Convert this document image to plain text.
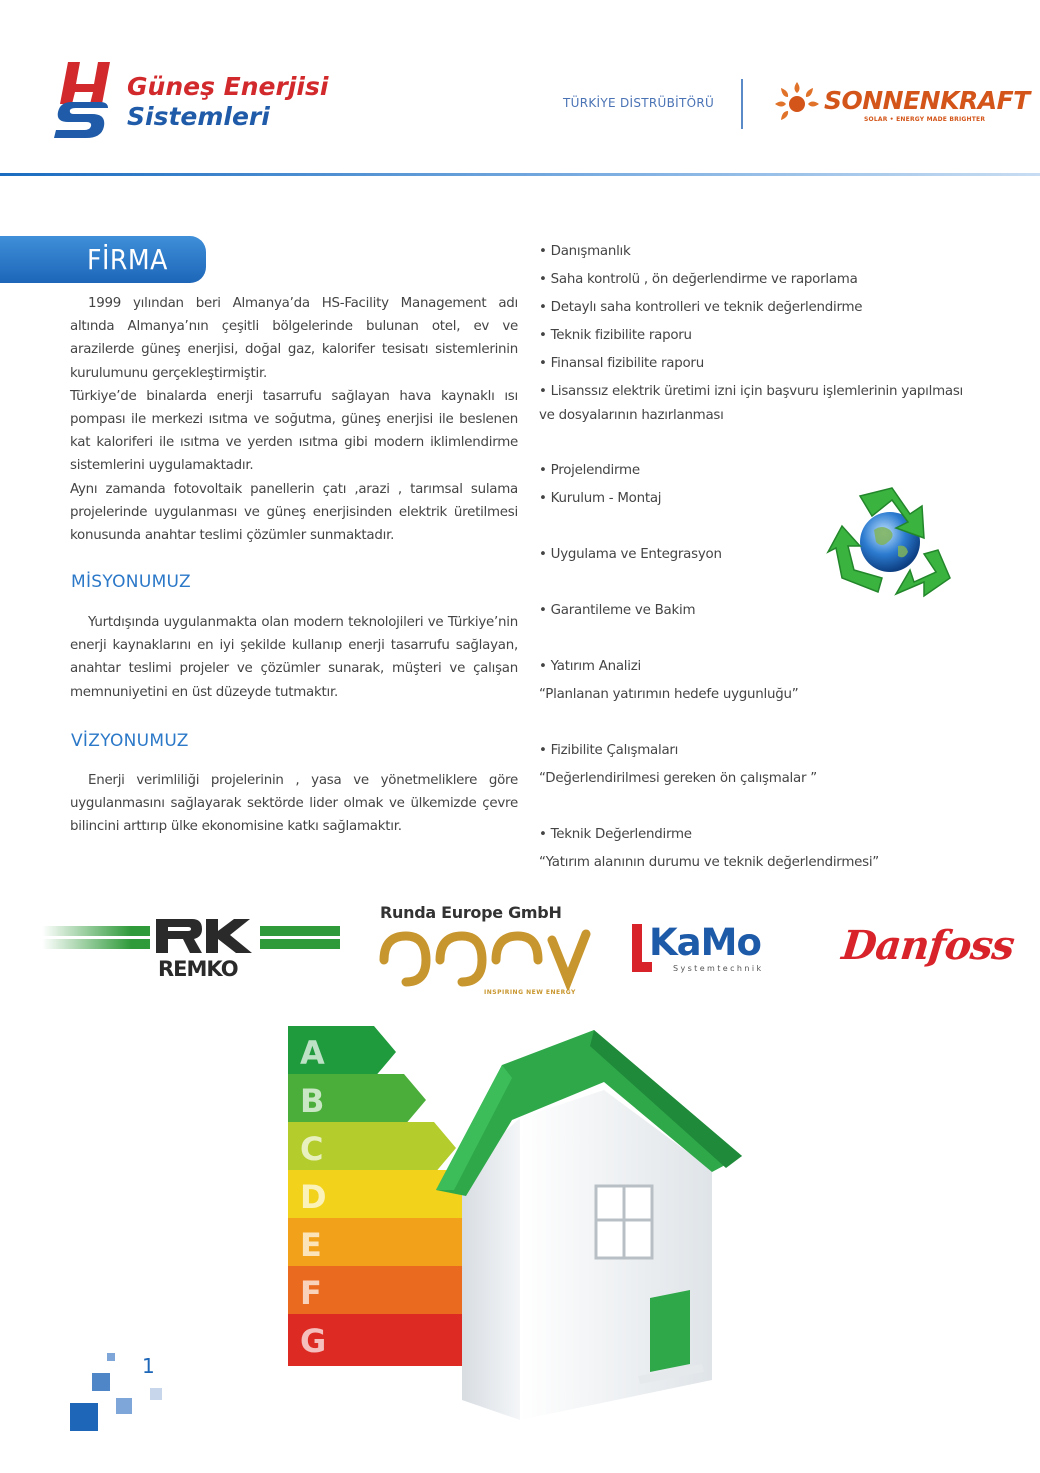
Güneş Enerjisi
Sistemleri	TÜRKİYE DİSTRÜBİTÖRÜ	SONNENKRAFT
SOLAR • ENERGY MADE BRIGHTER
FİRMA

1999 yılından beri Almanya’da HS-Facility Management adı altında Almanya’nın çeşitli bölgelerinde bulunan otel, ev ve arazilerde güneş enerjisi, doğal gaz, kalorifer tesisatı sistemlerinin kurulumunu gerçekleştirmiştir.

Türkiye’de binalarda enerji tasarrufu sağlayan hava kaynaklı ısı pompası ile merkezi ısıtma ve soğutma, güneş enerjisi ile beslenen kat kaloriferi ile ısıtma ve yerden ısıtma gibi modern iklimlendirme sistemlerini uygulamaktadır.

Aynı zamanda fotovoltaik panellerin çatı ,arazi , tarımsal sulama projelerinde uygulanması ve güneş enerjisinden elektrik üretilmesi konusunda anahtar teslimi çözümler sunmaktadır.

MİSYONUMUZ

Yurtdışında uygulanmakta olan modern teknolojileri ve Türkiye’nin enerji kaynaklarını en iyi şekilde kullanıp enerji tasarrufu sağlayan, anahtar teslimi projeler ve çözümler sunarak, müşteri ve çalışan memnuniyetini en üst düzeyde tutmaktır.

VİZYONUMUZ

Enerji verimliliği projelerinin , yasa ve yönetmeliklere göre uygulanmasını sağlayarak sektörde lider olmak ve ülkemizde çevre bilincini arttırıp ülke ekonomisine katkı sağlamaktır.

• Danışmanlık
• Saha kontrolü , ön değerlendirme ve raporlama
• Detaylı saha kontrolleri ve teknik değerlendirme
• Teknik fizibilite raporu
• Finansal fizibilite raporu
• Lisanssız elektrik üretimi izni için başvuru işlemlerinin yapılması
ve dosyalarının hazırlanması
• Projelendirme
• Kurulum - Montaj
• Uygulama ve Entegrasyon
• Garantileme ve Bakim
• Yatırım Analizi
“Planlanan yatırımın hedefe uygunluğu”
• Fizibilite Çalışmaları
“Değerlendirilmesi gereken ön çalışmalar ”
• Teknik Değerlendirme
“Yatırım alanının durumu ve teknik değerlendirmesi”
REMKO
Runda Europe GmbH
INSPIRING NEW ENERGY
KaMo
Systemtechnik Danfoss
A
B
C
D
E
F
G
1
